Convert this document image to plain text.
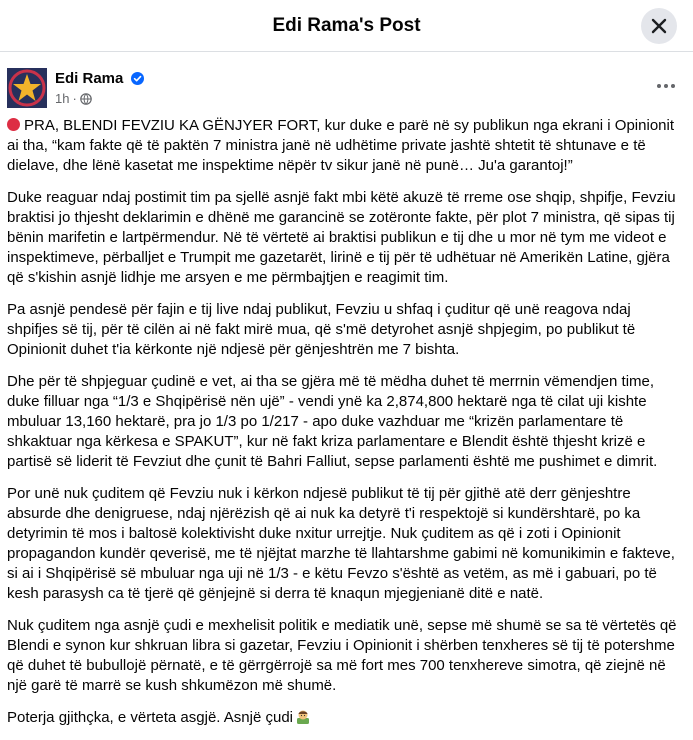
Edi Rama's Post
Edi Rama
1h ·

PRA, BLENDI FEVZIU KA GËNJYER FORT, kur duke e parë në sy publikun nga ekrani i Opinionit ai tha, “kam fakte që të paktën 7 ministra janë në udhëtime private jashtë shtetit të shtunave e të dielave, dhe lënë kasetat me inspektime nëpër tv sikur janë në punë… Ju'a garantoj!”

Duke reaguar ndaj postimit tim pa sjellë asnjë fakt mbi këtë akuzë të rreme ose shqip, shpifje, Fevziu braktisi jo thjesht deklarimin e dhënë me garancinë se zotëronte fakte, për plot 7 ministra, që sipas tij bënin marifetin e lartpërmendur. Në të vërtetë ai braktisi publikun e tij dhe u mor në tym me videot e inspektimeve, përballjet e Trumpit me gazetarët, lirinë e tij për të udhëtuar në Amerikën Latine, gjëra që s'kishin asnjë lidhje me arsyen e me përmbajtjen e reagimit tim.

Pa asnjë pendesë për fajin e tij live ndaj publikut, Fevziu u shfaq i çuditur që unë reagova ndaj shpifjes së tij, për të cilën ai në fakt mirë mua, që s'më detyrohet asnjë shpjegim, po publikut të Opinionit duhet t'ia kërkonte një ndjesë për gënjeshtrën me 7 bishta.

Dhe për të shpjeguar çudinë e vet, ai tha se gjëra më të mëdha duhet të merrnin vëmendjen time, duke filluar nga “1/3 e Shqipërisë nën ujë” - vendi ynë ka 2,874,800 hektarë nga të cilat uji kishte mbuluar 13,160 hektarë, pra jo 1/3 po 1/217 - apo duke vazhduar me “krizën parlamentare të shkaktuar nga kërkesa e SPAKUT”, kur në fakt kriza parlamentare e Blendit është thjesht krizë e partisë së liderit të Fevziut dhe çunit të Bahri Falliut, sepse parlamenti është me pushimet e dimrit.

Por unë nuk çuditem që Fevziu nuk i kërkon ndjesë publikut të tij për gjithë atë derr gënjeshtre absurde dhe denigruese, ndaj njërëzish që ai nuk ka detyrë t'i respektojë si kundërshtarë, po ka detyrimin të mos i baltosë kolektivisht duke nxitur urrejtje. Nuk çuditem as që i zoti i Opinionit propagandon kundër qeverisë, me të njëjtat marzhe të llahtarshme gabimi në komunikimin e fakteve, si ai i Shqipërisë së mbuluar nga uji në 1/3 - e këtu Fevzo s'është as vetëm, as më i gabuari, po të kesh parasysh ca të tjerë që gënjejnë si derra të knaqun mjegjenianë ditë e natë.

Nuk çuditem nga asnjë çudi e mexhelisit politik e mediatik unë, sepse më shumë se sa të vërtetës që Blendi e synon kur shkruan libra si gazetar, Fevziu i Opinionit i shërben tenxheres së tij të potershme që duhet të bubullojë përnatë, e të gërrgërrojë sa më fort mes 700 tenxhereve simotra, që ziejnë në një garë të marrë se kush shkumëzon më shumë.

Poterja gjithçka, e vërteta asgjë. Asnjë çudi
